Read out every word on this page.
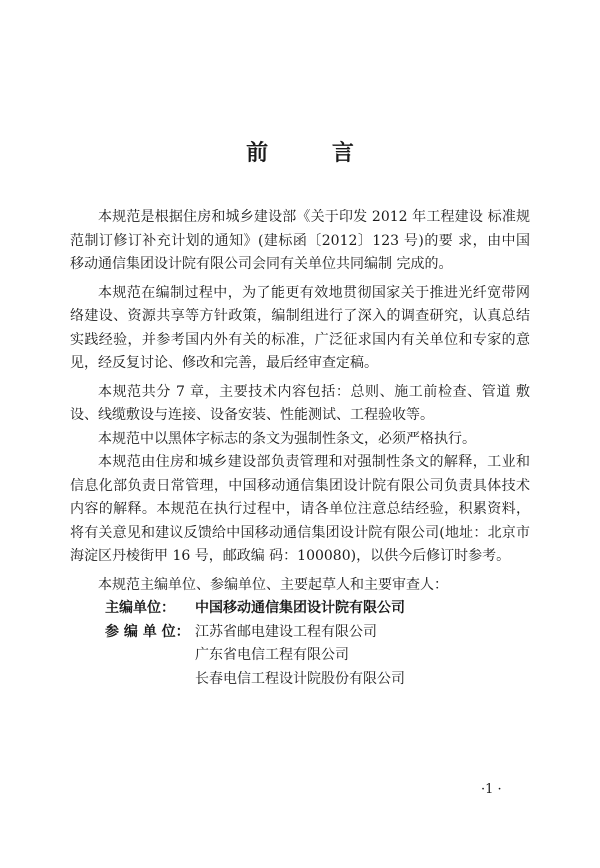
前 言

本规范是根据住房和城乡建设部《关于印发 2012 年工程建设 标准规范制订修订补充计划的通知》(建标函〔2012〕123 号)的要 求，由中国移动通信集团设计院有限公司会同有关单位共同编制 完成的。

本规范在编制过程中，为了能更有效地贯彻国家关于推进光纤宽带网络建设、资源共享等方针政策，编制组进行了深入的调查研究，认真总结实践经验，并参考国内外有关的标准，广泛征求国内有关单位和专家的意见，经反复讨论、修改和完善，最后经审查定稿。

本规范共分 7 章，主要技术内容包括：总则、施工前检查、管道 敷设、线缆敷设与连接、设备安装、性能测试、工程验收等。

本规范中以黑体字标志的条文为强制性条文，必须严格执行。

本规范由住房和城乡建设部负责管理和对强制性条文的解释，工业和信息化部负责日常管理，中国移动通信集团设计院有限公司负责具体技术内容的解释。本规范在执行过程中，请各单位注意总结经验，积累资料，将有关意见和建议反馈给中国移动通信集团设计院有限公司(地址：北京市海淀区丹棱街甲 16 号，邮政编 码：100080)，以供今后修订时参考。

本规范主编单位、参编单位、主要起草人和主要审查人：

主编单位：	中国移动通信集团设计院有限公司
参 编 单 位： 江苏省邮电建设工程有限公司
广东省电信工程有限公司
长春电信工程设计院股份有限公司
·1 ·
